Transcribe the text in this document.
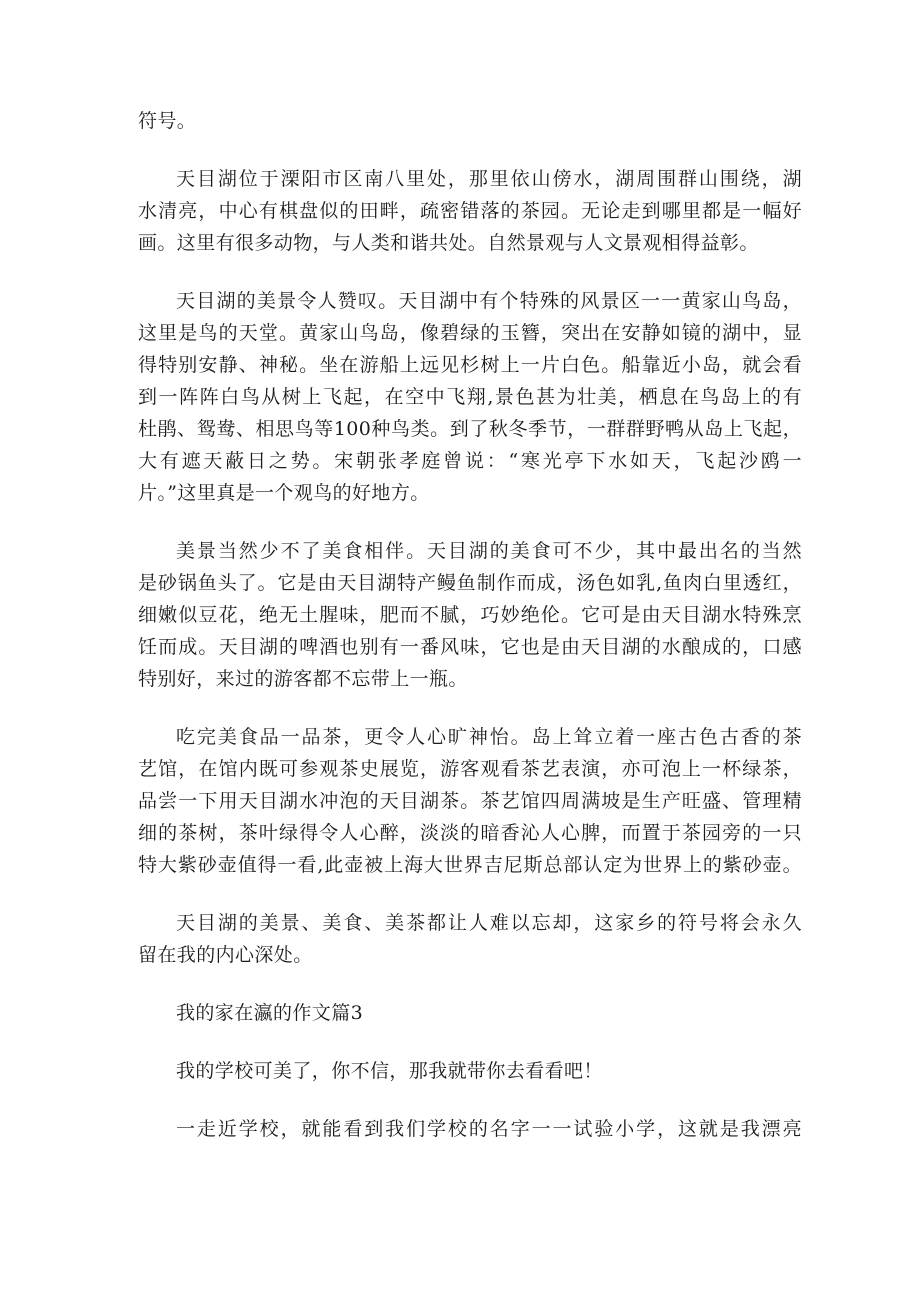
符号。
天目湖位于溧阳市区南八里处，那里依山傍水，湖周围群山围绕，湖
水清亮，中心有棋盘似的田畔，疏密错落的茶园。无论走到哪里都是一幅好
画。这里有很多动物，与人类和谐共处。自然景观与人文景观相得益彰。
天目湖的美景令人赞叹。天目湖中有个特殊的风景区一一黄家山鸟岛，
这里是鸟的天堂。黄家山鸟岛，像碧绿的玉簪，突出在安静如镜的湖中，显
得特别安静、神秘。坐在游船上远见杉树上一片白色。船靠近小岛，就会看
到一阵阵白鸟从树上飞起，在空中飞翔,景色甚为壮美，栖息在鸟岛上的有
杜鹃、鸳鸯、相思鸟等100种鸟类。到了秋冬季节，一群群野鸭从岛上飞起，
大有遮天蔽日之势。宋朝张孝庭曾说：“寒光亭下水如天，飞起沙鸥一
片。”这里真是一个观鸟的好地方。
美景当然少不了美食相伴。天目湖的美食可不少，其中最出名的当然
是砂锅鱼头了。它是由天目湖特产鳗鱼制作而成，汤色如乳,鱼肉白里透红，
细嫩似豆花，绝无土腥味，肥而不腻，巧妙绝伦。它可是由天目湖水特殊烹
饪而成。天目湖的啤酒也别有一番风味，它也是由天目湖的水酿成的，口感
特别好，来过的游客都不忘带上一瓶。
吃完美食品一品茶，更令人心旷神怡。岛上耸立着一座古色古香的茶
艺馆，在馆内既可参观茶史展览，游客观看茶艺表演，亦可泡上一杯绿茶，
品尝一下用天目湖水冲泡的天目湖茶。茶艺馆四周满坡是生产旺盛、管理精
细的茶树，茶叶绿得令人心醉，淡淡的暗香沁人心脾，而置于茶园旁的一只
特大紫砂壶值得一看,此壶被上海大世界吉尼斯总部认定为世界上的紫砂壶。
天目湖的美景、美食、美茶都让人难以忘却，这家乡的符号将会永久
留在我的内心深处。
我的家在瀛的作文篇3
我的学校可美了，你不信，那我就带你去看看吧！
一走近学校，就能看到我们学校的名字一一试验小学，这就是我漂亮
